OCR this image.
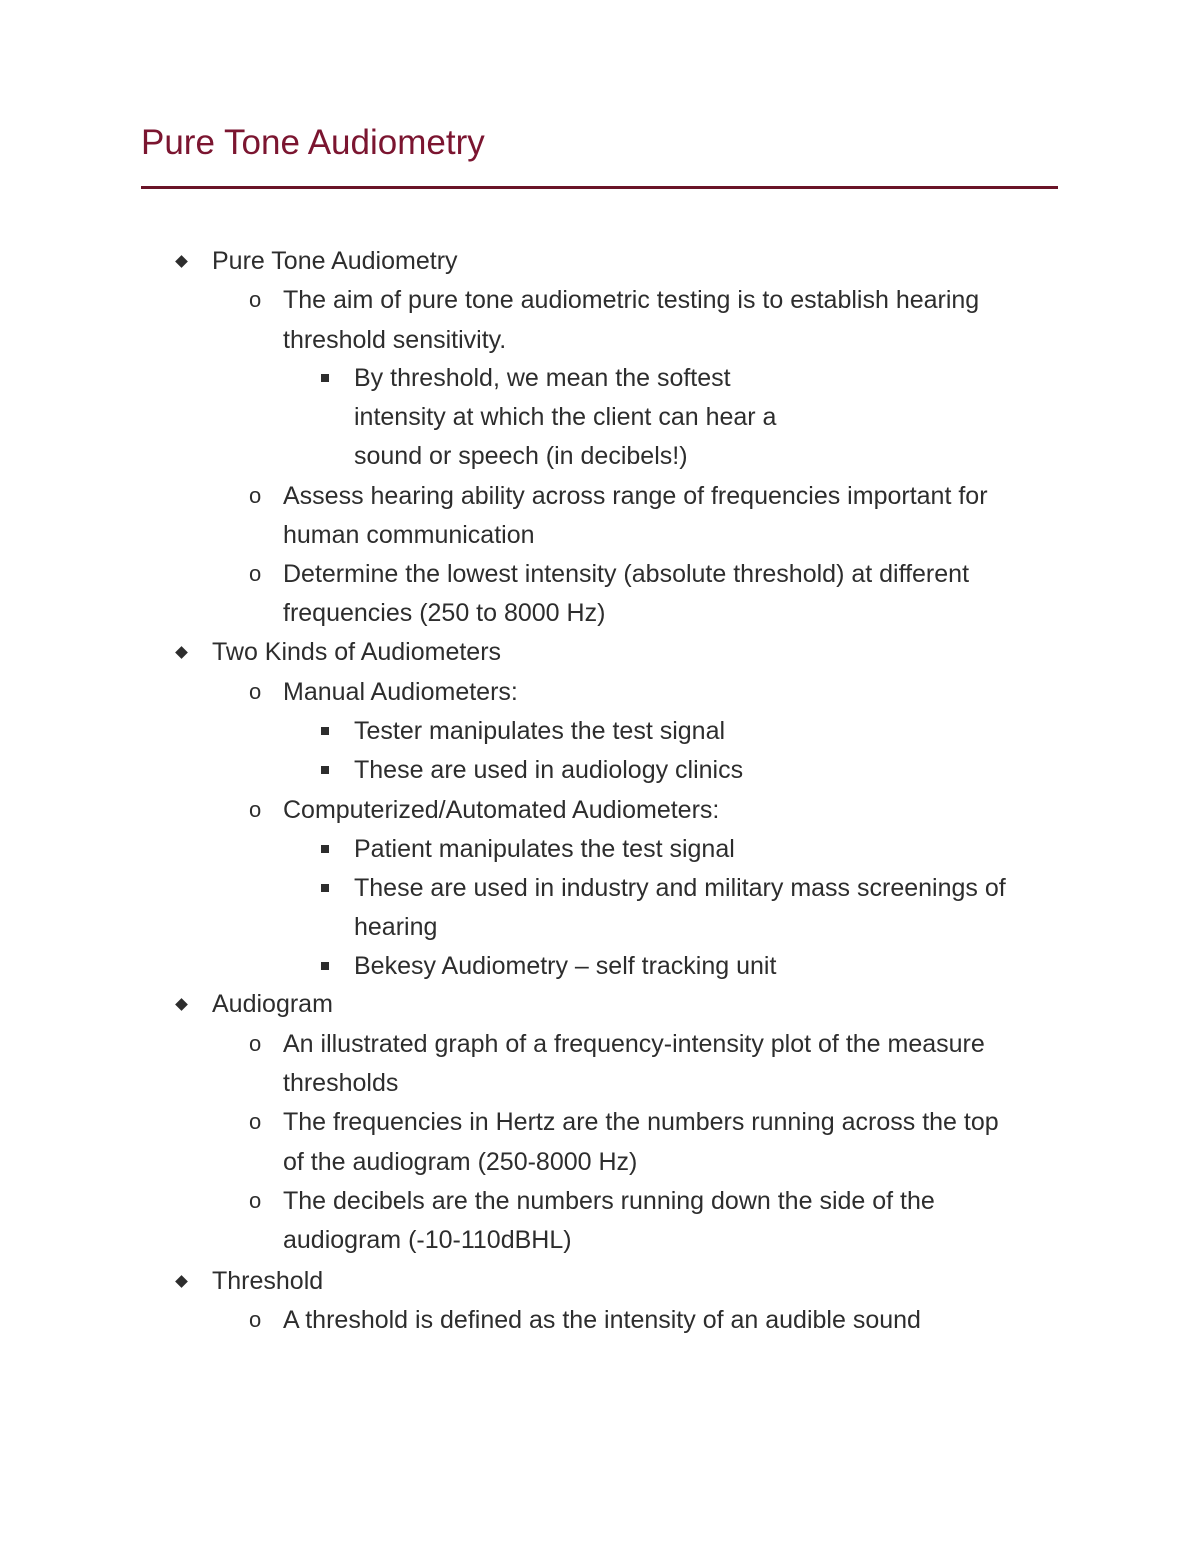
Pure Tone Audiometry
Pure Tone Audiometry
o The aim of pure tone audiometric testing is to establish hearing
threshold sensitivity.
By threshold, we mean the softest
intensity at which the client can hear a
sound or speech (in decibels!)
o Assess hearing ability across range of frequencies important for
human communication
o Determine the lowest intensity (absolute threshold) at different
frequencies (250 to 8000 Hz)
Two Kinds of Audiometers
o Manual Audiometers:
Tester manipulates the test signal
These are used in audiology clinics
o Computerized/Automated Audiometers:
Patient manipulates the test signal
These are used in industry and military mass screenings of
hearing
Bekesy Audiometry – self tracking unit
Audiogram
o An illustrated graph of a frequency-intensity plot of the measure
thresholds
o The frequencies in Hertz are the numbers running across the top
of the audiogram (250-8000 Hz)
o The decibels are the numbers running down the side of the
audiogram (-10-110dBHL)
Threshold
o A threshold is defined as the intensity of an audible sound
